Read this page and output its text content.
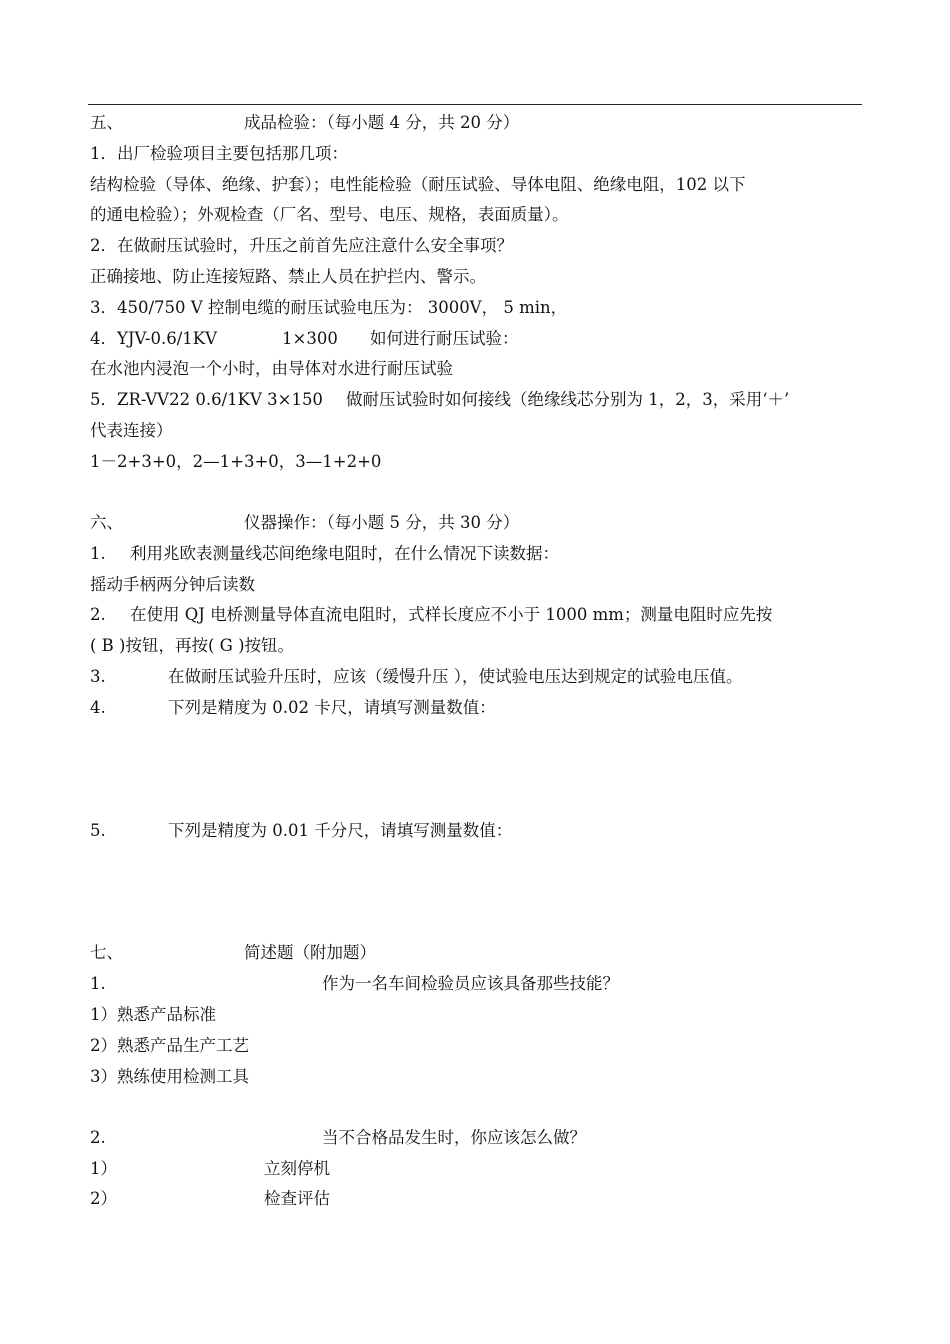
五、	成品检验：（每小题 4 分，共 20 分）
1．出厂检验项目主要包括那几项：
结构检验（导体、绝缘、护套）；电性能检验（耐压试验、导体电阻、绝缘电阻，102 以下
的通电检验）；外观检查（厂名、型号、电压、规格，表面质量）。
2．在做耐压试验时，升压之前首先应注意什么安全事项？
正确接地、防止连接短路、禁止人员在护拦内、警示。
3．450/750 V 控制电缆的耐压试验电压为： 3000V， 5 min，
4．YJV-0.6/1KV	1×300 如何进行耐压试验：
在水池内浸泡一个小时，由导体对水进行耐压试验
5．ZR-VV22 0.6/1KV 3×150 做耐压试验时如何接线（绝缘线芯分别为 1，2，3，采用‘＋’
代表连接）
1－2+3+0，2—1+3+0，3—1+2+0
六、	仪器操作：（每小题 5 分，共 30 分）
1. 利用兆欧表测量线芯间绝缘电阻时，在什么情况下读数据：
摇动手柄两分钟后读数
2. 在使用 QJ 电桥测量导体直流电阻时，式样长度应不小于 1000 mm；测量电阻时应先按
( B )按钮，再按( G )按钮。
3.	在做耐压试验升压时，应该（缓慢升压 ），使试验电压达到规定的试验电压值。
4.	下列是精度为 0.02 卡尺，请填写测量数值：
5.	下列是精度为 0.01 千分尺，请填写测量数值：
七、	简述题（附加题）
1.	作为一名车间检验员应该具备那些技能？
1）熟悉产品标准
2）熟悉产品生产工艺
3）熟练使用检测工具
2.	当不合格品发生时，你应该怎么做？
1）	立刻停机
2）	检查评估
